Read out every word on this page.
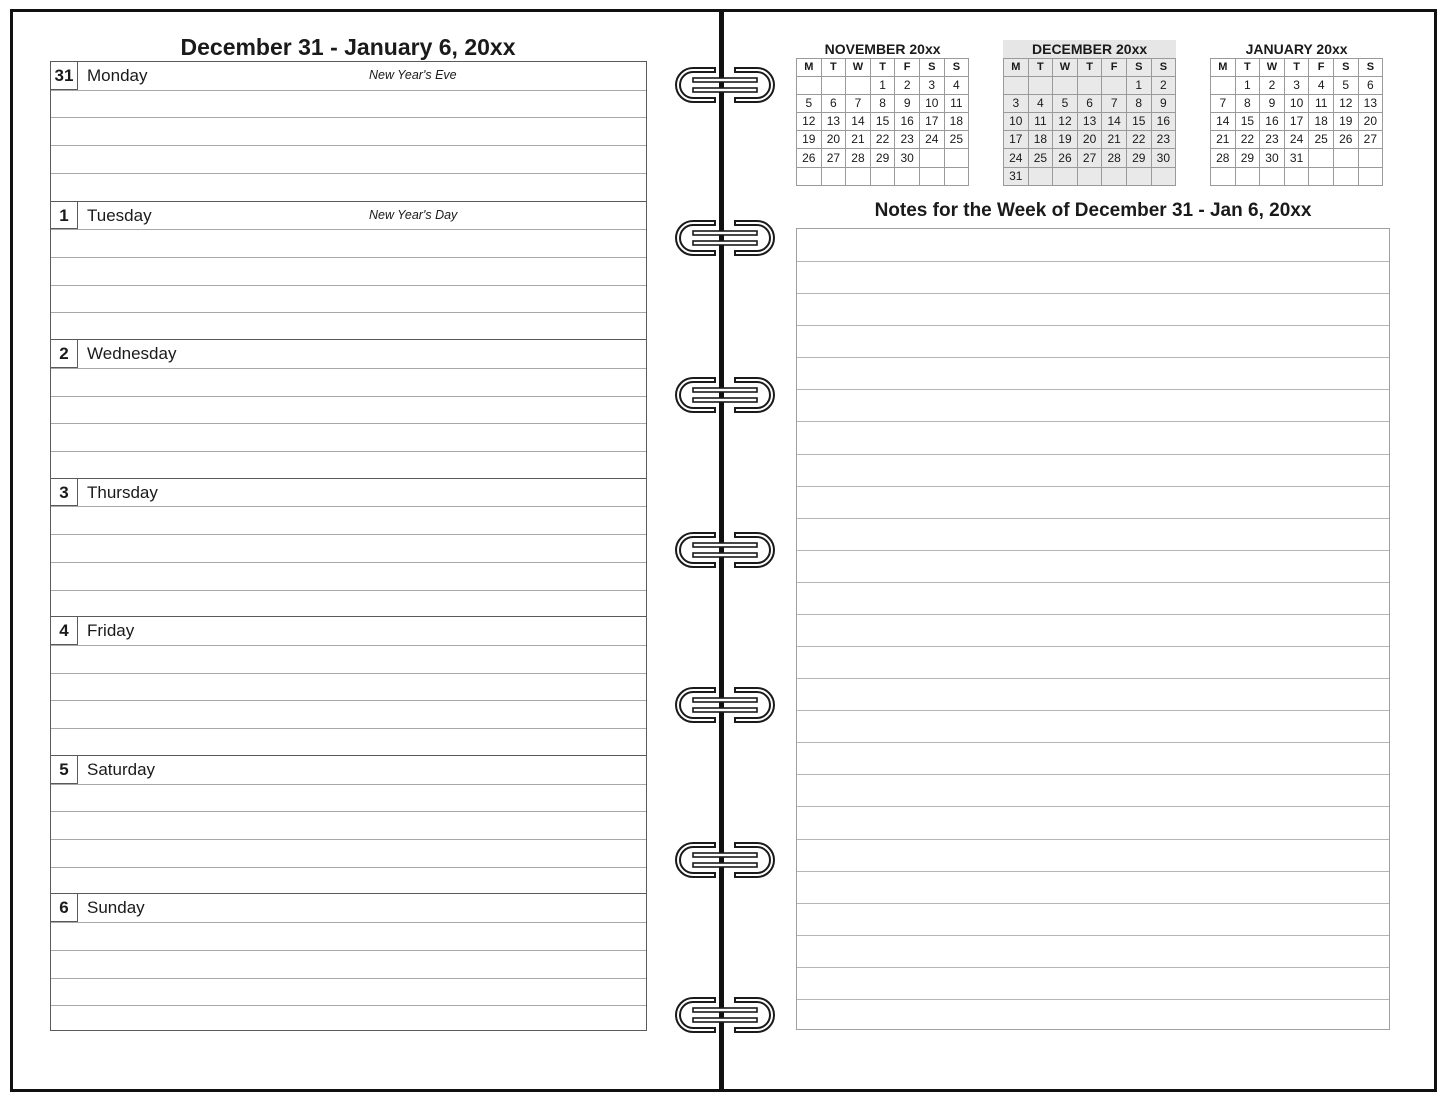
December 31 - January 6, 20xx
31 Monday	New Year's Eve
1	Tuesday	New Year's Day
2	Wednesday
3	Thursday
4	Friday
5	Saturday
6	Sunday
NOVEMBER 20xx
M	T	W	T	F	S	S
			1	2	3	4
5	6	7	8	9	10	11
12	13	14	15	16	17	18
19	20	21	22	23	24	25
26	27	28	29	30		

DECEMBER 20xx
M	T	W	T	F	S	S
					1	2
3	4	5	6	7	8	9
10	11	12	13	14	15	16
17	18	19	20	21	22	23
24	25	26	27	28	29	30
31						
JANUARY 20xx
M	T	W	T	F	S	S
	1	2	3	4	5	6
7	8	9	10	11	12	13
14	15	16	17	18	19	20
21	22	23	24	25	26	27
28	29	30	31			

Notes for the Week of December 31 - Jan 6, 20xx
